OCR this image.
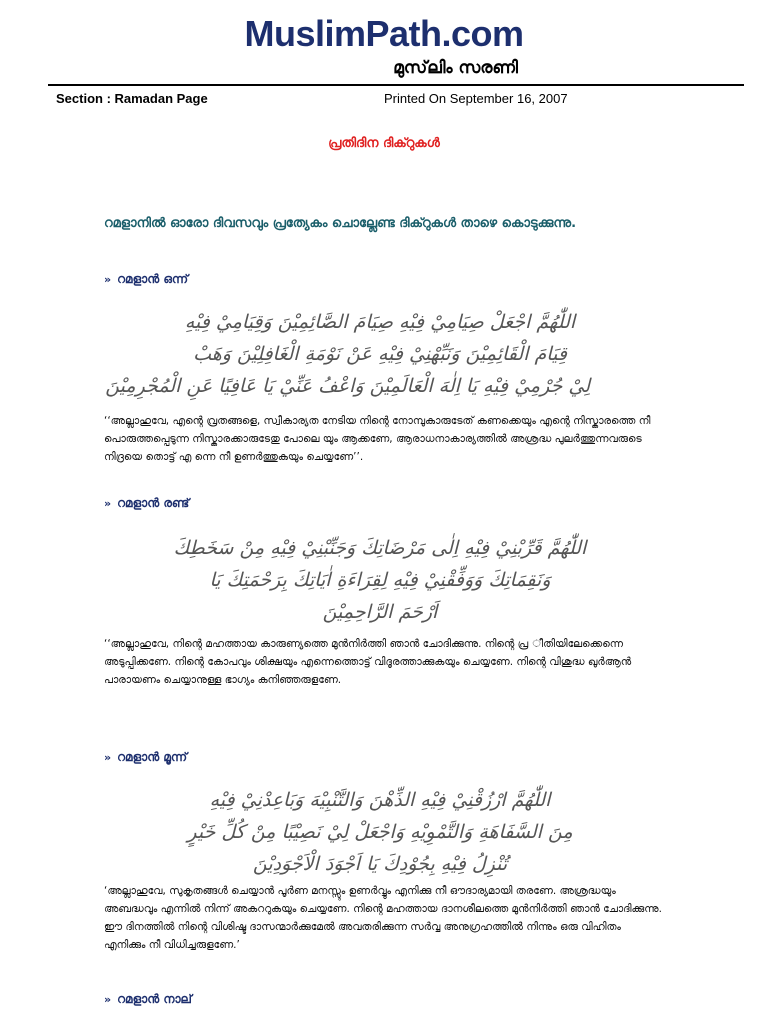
MuslimPath.com
മുസ്‌ലിം സരണി
Section : Ramadan Page	Printed On September 16, 2007
പ്രതിദിന ദിക്റുകള്‍
റമളാനില്‍ ഓരോ ദിവസവും പ്രത്യേകം ചൊല്ലേണ്ട ദിക്റുകള്‍ താഴെ കൊടുക്കുന്നു.
» റമളാന്‍ ഒന്ന്
اللّٰهُمَّ اجْعَلْ صِيَامِيْ فِيْهِ صِيَامَ الصَّائِمِيْنَ وَقِيَامِيْ فِيْهِ
قِيَامَ الْقَائِمِيْنَ وَنَبِّهْنِيْ فِيْهِ عَنْ نَوْمَةِ الْغَافِلِيْنَ وَهَبْ
لِيْ جُرْمِيْ فِيْهِ يَا اِلٰهَ الْعَالَمِيْنَ وَاعْفُ عَنِّيْ يَا عَافِيًا عَنِ الْمُجْرِمِيْنَ
‘‘അല്ലാഹുവേ, എന്റെ വ്രതങ്ങളെ, സ്വീകാര്യത നേടിയ നിന്റെ നോമ്പുകാരുടേത് കണക്കെയും എന്റെ നിസ്കാരത്തെ നീ പൊരുത്തപ്പെടുന്ന നിസ്കാരക്കാരുടേതു പോലെ യും ആക്കണേ, ആരാധനാകാര്യത്തില്‍ അശ്രദ്ധ പുലര്‍ത്തുന്നവരുടെ നിദ്രയെ തൊട്ട് എ ന്നെ നീ ഉണര്‍ത്തുകയും ചെയ്യണേ’’.
» റമളാന്‍ രണ്ട്
اللّٰهُمَّ قَرِّبْنِيْ فِيْهِ اِلٰى مَرْضَاتِكَ وَجَنِّبْنِيْ فِيْهِ مِنْ سَخَطِكَ
وَنَقِمَاتِكَ وَوَفِّقْنِيْ فِيْهِ لِقِرَاءَةِ اٰيَاتِكَ بِرَحْمَتِكَ يَا
اَرْحَمَ الرَّاحِمِيْنَ
‘‘അല്ലാഹുവേ, നിന്റെ മഹത്തായ കാരുണ്യത്തെ മുന്‍നിര്‍ത്തി ഞാന്‍ ചോദിക്കുന്നു. നിന്റെ പ്ര ീതിയിലേക്കെന്നെ അടുപ്പിക്കണേ. നിന്റെ കോപവും ശിക്ഷയും എന്നെത്തൊട്ട് വിദൂരത്താക്കുകയും ചെയ്യണേ. നിന്റെ വിശുദ്ധ ഖുര്‍ആന്‍ പാരായണം ചെയ്യാനുള്ള ഭാഗ്യം കനിഞ്ഞരുളണേ.
» റമളാന്‍ മൂന്ന്
اللّٰهُمَّ ارْزُقْنِيْ فِيْهِ الذِّهْنَ وَالتَّنْبِيْهَ وَبَاعِدْنِيْ فِيْهِ
مِنَ السَّفَاهَةِ وَالتَّمْوِيْهِ وَاجْعَلْ لِيْ نَصِيْبًا مِنْ كُلِّ خَيْرٍ
تُنْزِلُ فِيْهِ بِجُوْدِكَ يَا اَجْوَدَ الْاَجْوَدِيْنَ
‘അല്ലാഹുവേ, സുകൃതങ്ങള്‍ ചെയ്യാന്‍ പൂര്‍ണ മനസ്സും ഉണര്‍വ്വും എനിക്കു നീ ഔദാര്യമായി തരണേ. അശ്രദ്ധയും അബദ്ധവും എന്നില്‍ നിന്ന് അകററുകയും ചെയ്യണേ. നിന്റെ മഹത്തായ ദാനശീലത്തെ മുന്‍നിര്‍ത്തി ഞാന്‍ ചോദിക്കുന്നു. ഈ ദിനത്തില്‍ നിന്റെ വിശിഷ്ട ദാസന്മാര്‍ക്കുമേല്‍ അവതരിക്കുന്ന സര്‍വ്വ അനുഗ്രഹത്തില്‍ നിന്നും ഒരു വിഹിതം എനിക്കും നീ വിധിച്ചരുളണേ.’
» റമളാന്‍ നാല്
